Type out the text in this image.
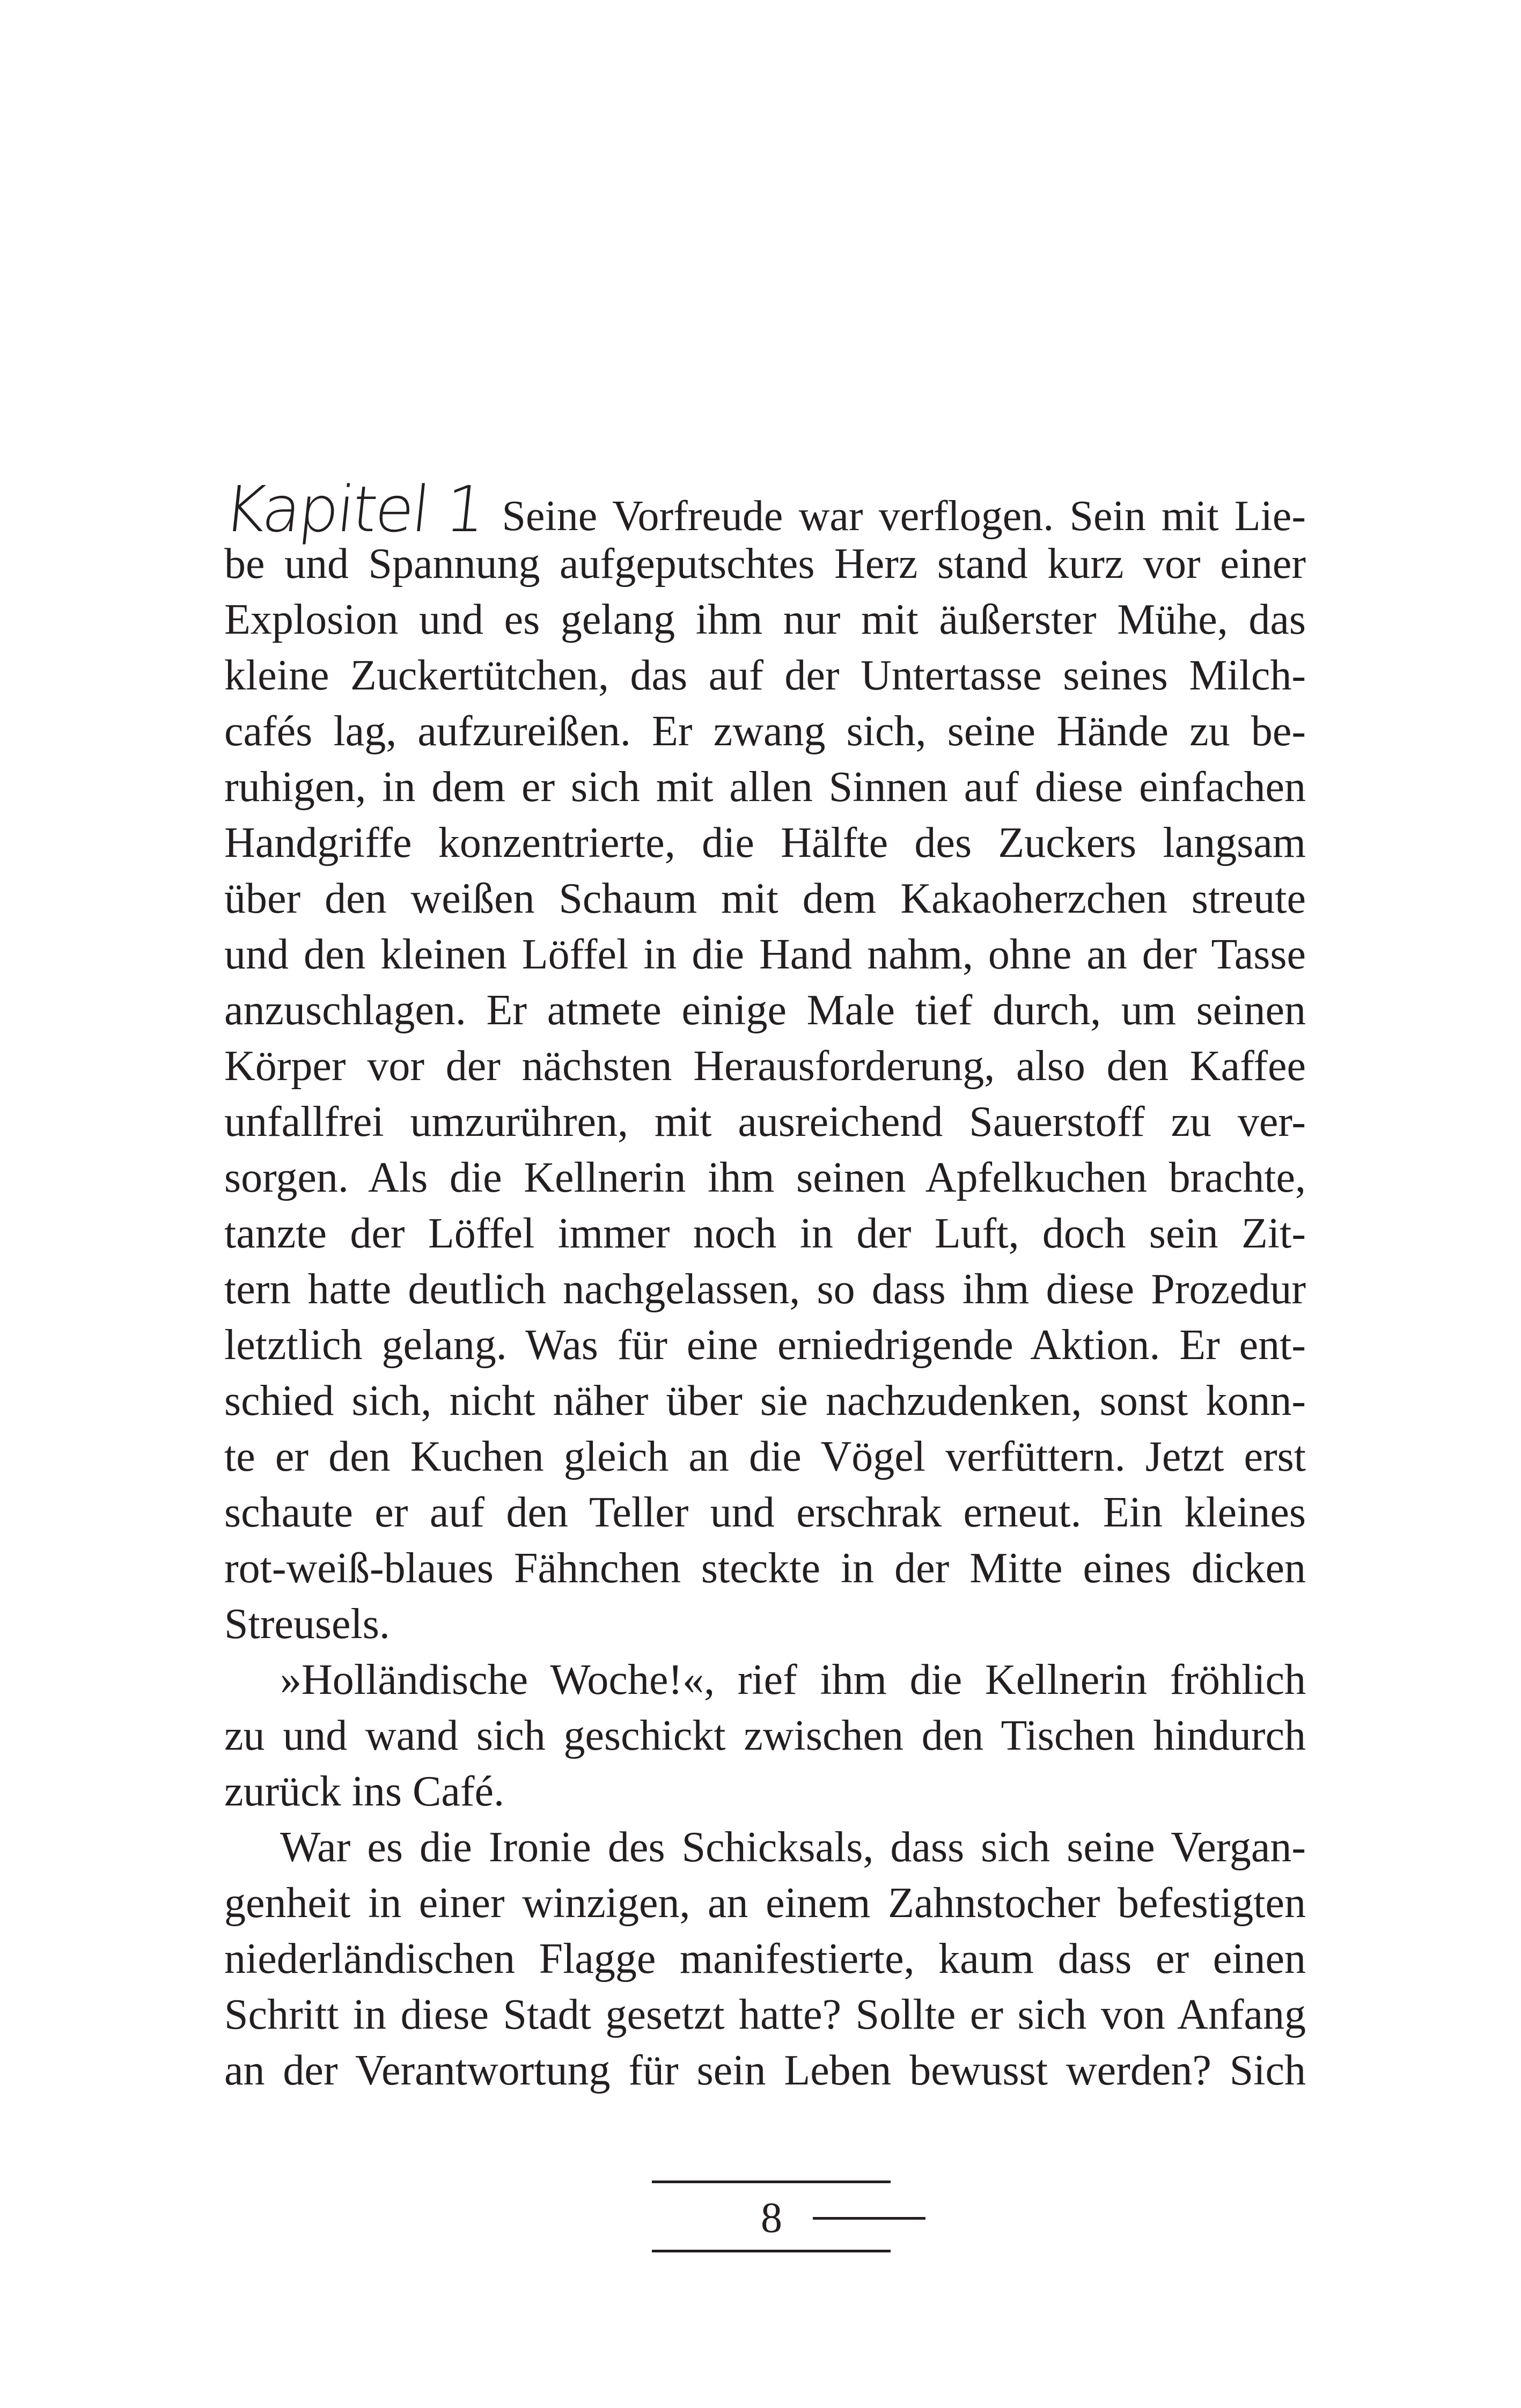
Kapitel 1 Seine Vorfreude war verflogen. Sein mit Lie-
be und Spannung aufgeputschtes Herz stand kurz vor einer
Explosion und es gelang ihm nur mit äußerster Mühe, das
kleine Zuckertütchen, das auf der Untertasse seines Milch-
cafés lag, aufzureißen. Er zwang sich, seine Hände zu be-
ruhigen, in dem er sich mit allen Sinnen auf diese einfachen
Handgriffe konzentrierte, die Hälfte des Zuckers langsam
über den weißen Schaum mit dem Kakaoherzchen streute
und den kleinen Löffel in die Hand nahm, ohne an der Tasse
anzuschlagen. Er atmete einige Male tief durch, um seinen
Körper vor der nächsten Herausforderung, also den Kaffee
unfallfrei umzurühren, mit ausreichend Sauerstoff zu ver-
sorgen. Als die Kellnerin ihm seinen Apfelkuchen brachte,
tanzte der Löffel immer noch in der Luft, doch sein Zit-
tern hatte deutlich nachgelassen, so dass ihm diese Prozedur
letztlich gelang. Was für eine erniedrigende Aktion. Er ent-
schied sich, nicht näher über sie nachzudenken, sonst konn-
te er den Kuchen gleich an die Vögel verfüttern. Jetzt erst
schaute er auf den Teller und erschrak erneut. Ein kleines
rot-weiß-blaues Fähnchen steckte in der Mitte eines dicken
Streusels.
»Holländische Woche!«, rief ihm die Kellnerin fröhlich
zu und wand sich geschickt zwischen den Tischen hindurch
zurück ins Café.
War es die Ironie des Schicksals, dass sich seine Vergan-
genheit in einer winzigen, an einem Zahnstocher befestigten
niederländischen Flagge manifestierte, kaum dass er einen
Schritt in diese Stadt gesetzt hatte? Sollte er sich von Anfang
an der Verantwortung für sein Leben bewusst werden? Sich
8
